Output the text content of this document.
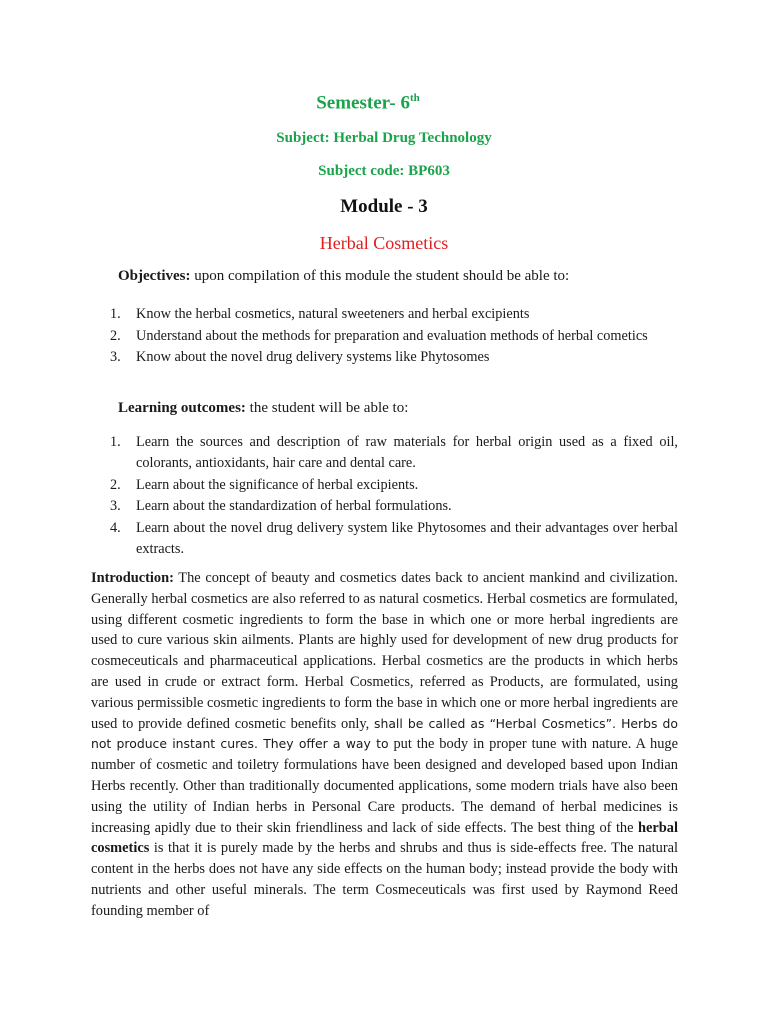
Semester- 6th
Subject: Herbal Drug Technology
Subject code: BP603
Module - 3
Herbal Cosmetics
Objectives: upon compilation of this module the student should be able to:
1.	Know the herbal cosmetics, natural sweeteners and herbal excipients
2.	Understand about the methods for preparation and evaluation methods of herbal cometics
3.	Know about the novel drug delivery systems like Phytosomes
Learning outcomes: the student will be able to:
1.	Learn the sources and description of raw materials for herbal origin used as a fixed oil, colorants, antioxidants, hair care and dental care.
2.	Learn about the significance of herbal excipients.
3.	Learn about the standardization of herbal formulations.
4.	Learn about the novel drug delivery system like Phytosomes and their advantages over herbal extracts.
Introduction: The concept of beauty and cosmetics dates back to ancient mankind and civilization. Generally herbal cosmetics are also referred to as natural cosmetics. Herbal cosmetics are formulated, using different cosmetic ingredients to form the base in which one or more herbal ingredients are used to cure various skin ailments. Plants are highly used for development of new drug products for cosmeceuticals and pharmaceutical applications. Herbal cosmetics are the products in which herbs are used in crude or extract form. Herbal Cosmetics, referred as Products, are formulated, using various permissible cosmetic ingredients to form the base in which one or more herbal ingredients are used to provide defined cosmetic benefits only, shall be called as “Herbal Cosmetics”. Herbs do not produce instant cures. They offer a way to put the body in proper tune with nature. A huge number of cosmetic and toiletry formulations have been designed and developed based upon Indian Herbs recently. Other than traditionally documented applications, some modern trials have also been using the utility of Indian herbs in Personal Care products. The demand of herbal medicines is increasing apidly due to their skin friendliness and lack of side effects. The best thing of the herbal cosmetics is that it is purely made by the herbs and shrubs and thus is side-effects free. The natural content in the herbs does not have any side effects on the human body; instead provide the body with nutrients and other useful minerals. The term Cosmeceuticals was first used by Raymond Reed founding member of
